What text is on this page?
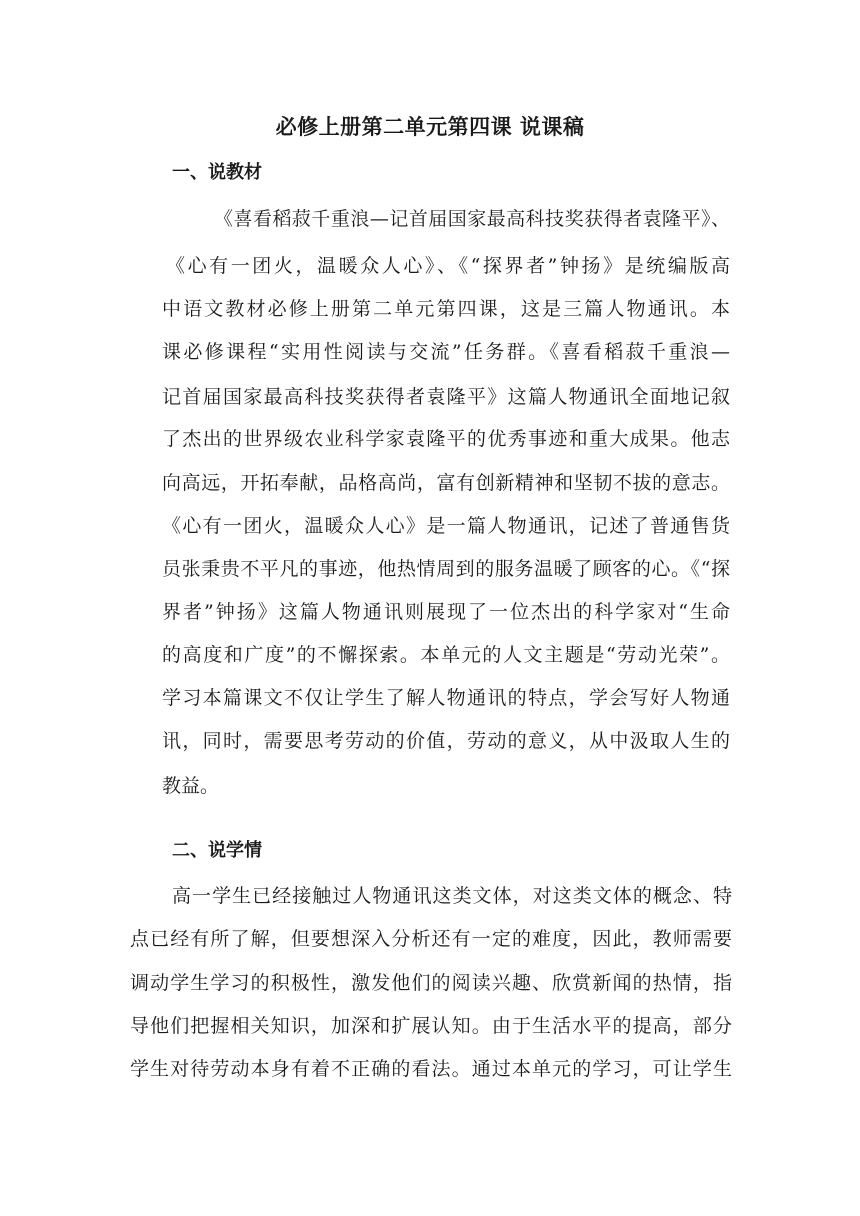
必修上册第二单元第四课 说课稿
一、说教材
《喜看稻菽千重浪—记首届国家最高科技奖获得者袁隆平》、
《心有一团火，温暖众人心》、《“探界者”钟扬》是统编版高
中语文教材必修上册第二单元第四课，这是三篇人物通讯。本
课必修课程“实用性阅读与交流”任务群。《喜看稻菽千重浪—
记首届国家最高科技奖获得者袁隆平》这篇人物通讯全面地记叙
了杰出的世界级农业科学家袁隆平的优秀事迹和重大成果。他志
向高远，开拓奉献，品格高尚，富有创新精神和坚韧不拔的意志。
《心有一团火，温暖众人心》是一篇人物通讯，记述了普通售货
员张秉贵不平凡的事迹，他热情周到的服务温暖了顾客的心。《“探
界者”钟扬》这篇人物通讯则展现了一位杰出的科学家对“生命
的高度和广度”的不懈探索。本单元的人文主题是“劳动光荣”。
学习本篇课文不仅让学生了解人物通讯的特点，学会写好人物通
讯，同时，需要思考劳动的价值，劳动的意义，从中汲取人生的
教益。
二、说学情
高一学生已经接触过人物通讯这类文体，对这类文体的概念、特
点已经有所了解，但要想深入分析还有一定的难度，因此，教师需要
调动学生学习的积极性，激发他们的阅读兴趣、欣赏新闻的热情，指
导他们把握相关知识，加深和扩展认知。由于生活水平的提高，部分
学生对待劳动本身有着不正确的看法。通过本单元的学习，可让学生
